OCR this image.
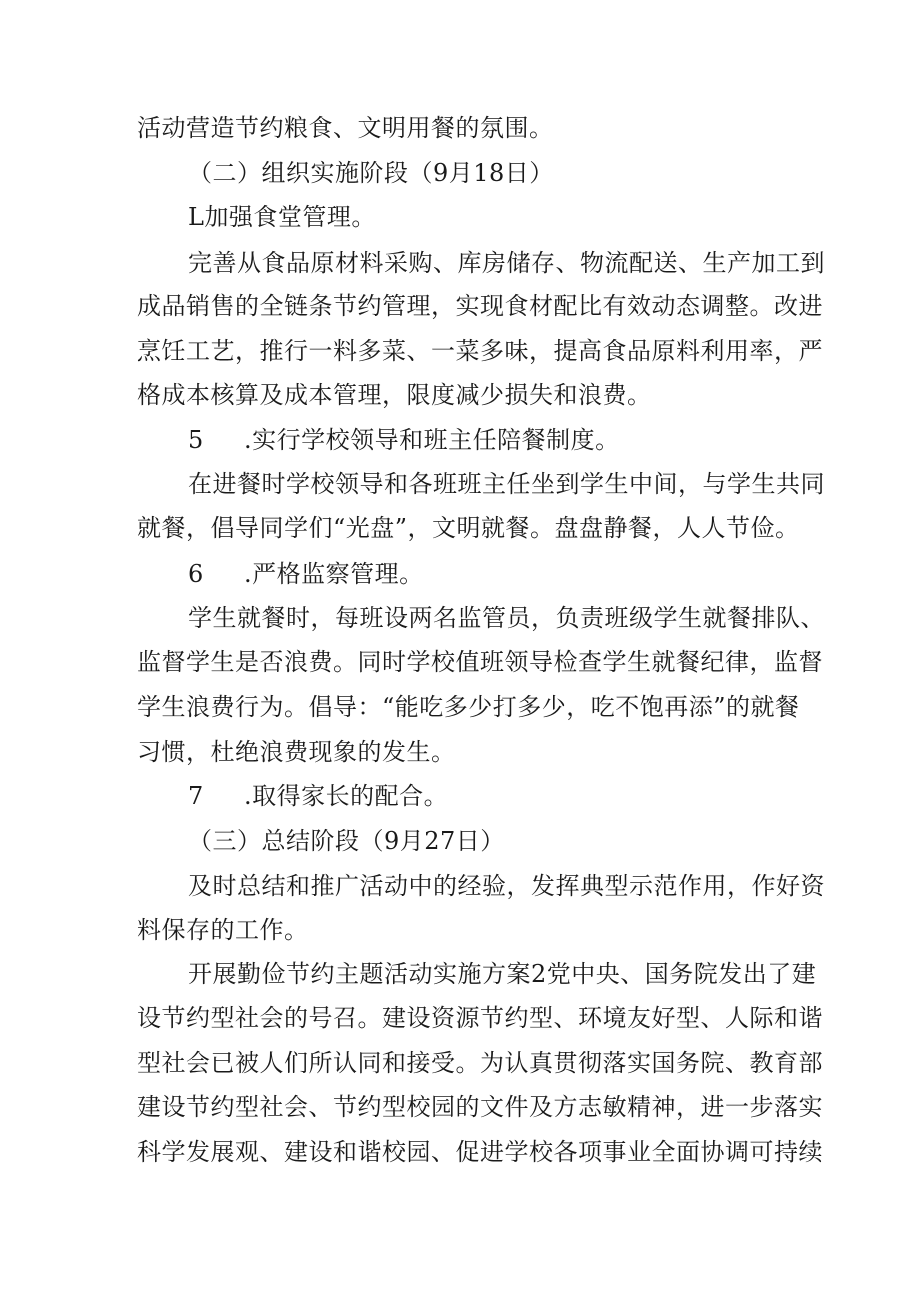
活动营造节约粮食、文明用餐的氛围。
（二）组织实施阶段（9月18日）
L加强食堂管理。
完善从食品原材料采购、库房储存、物流配送、生产加工到
成品销售的全链条节约管理，实现食材配比有效动态调整。改进
烹饪工艺，推行一料多菜、一菜多味，提高食品原料利用率，严
格成本核算及成本管理，限度减少损失和浪费。
5 .实行学校领导和班主任陪餐制度。
在进餐时学校领导和各班班主任坐到学生中间，与学生共同
就餐，倡导同学们“光盘”，文明就餐。盘盘静餐，人人节俭。
6 .严格监察管理。
学生就餐时，每班设两名监管员，负责班级学生就餐排队、
监督学生是否浪费。同时学校值班领导检查学生就餐纪律，监督
学生浪费行为。倡导：“能吃多少打多少，吃不饱再添”的就餐
习惯，杜绝浪费现象的发生。
7 .取得家长的配合。
（三）总结阶段（9月27日）
及时总结和推广活动中的经验，发挥典型示范作用，作好资
料保存的工作。
开展勤俭节约主题活动实施方案2党中央、国务院发出了建
设节约型社会的号召。建设资源节约型、环境友好型、人际和谐
型社会已被人们所认同和接受。为认真贯彻落实国务院、教育部
建设节约型社会、节约型校园的文件及方志敏精神，进一步落实
科学发展观、建设和谐校园、促进学校各项事业全面协调可持续
